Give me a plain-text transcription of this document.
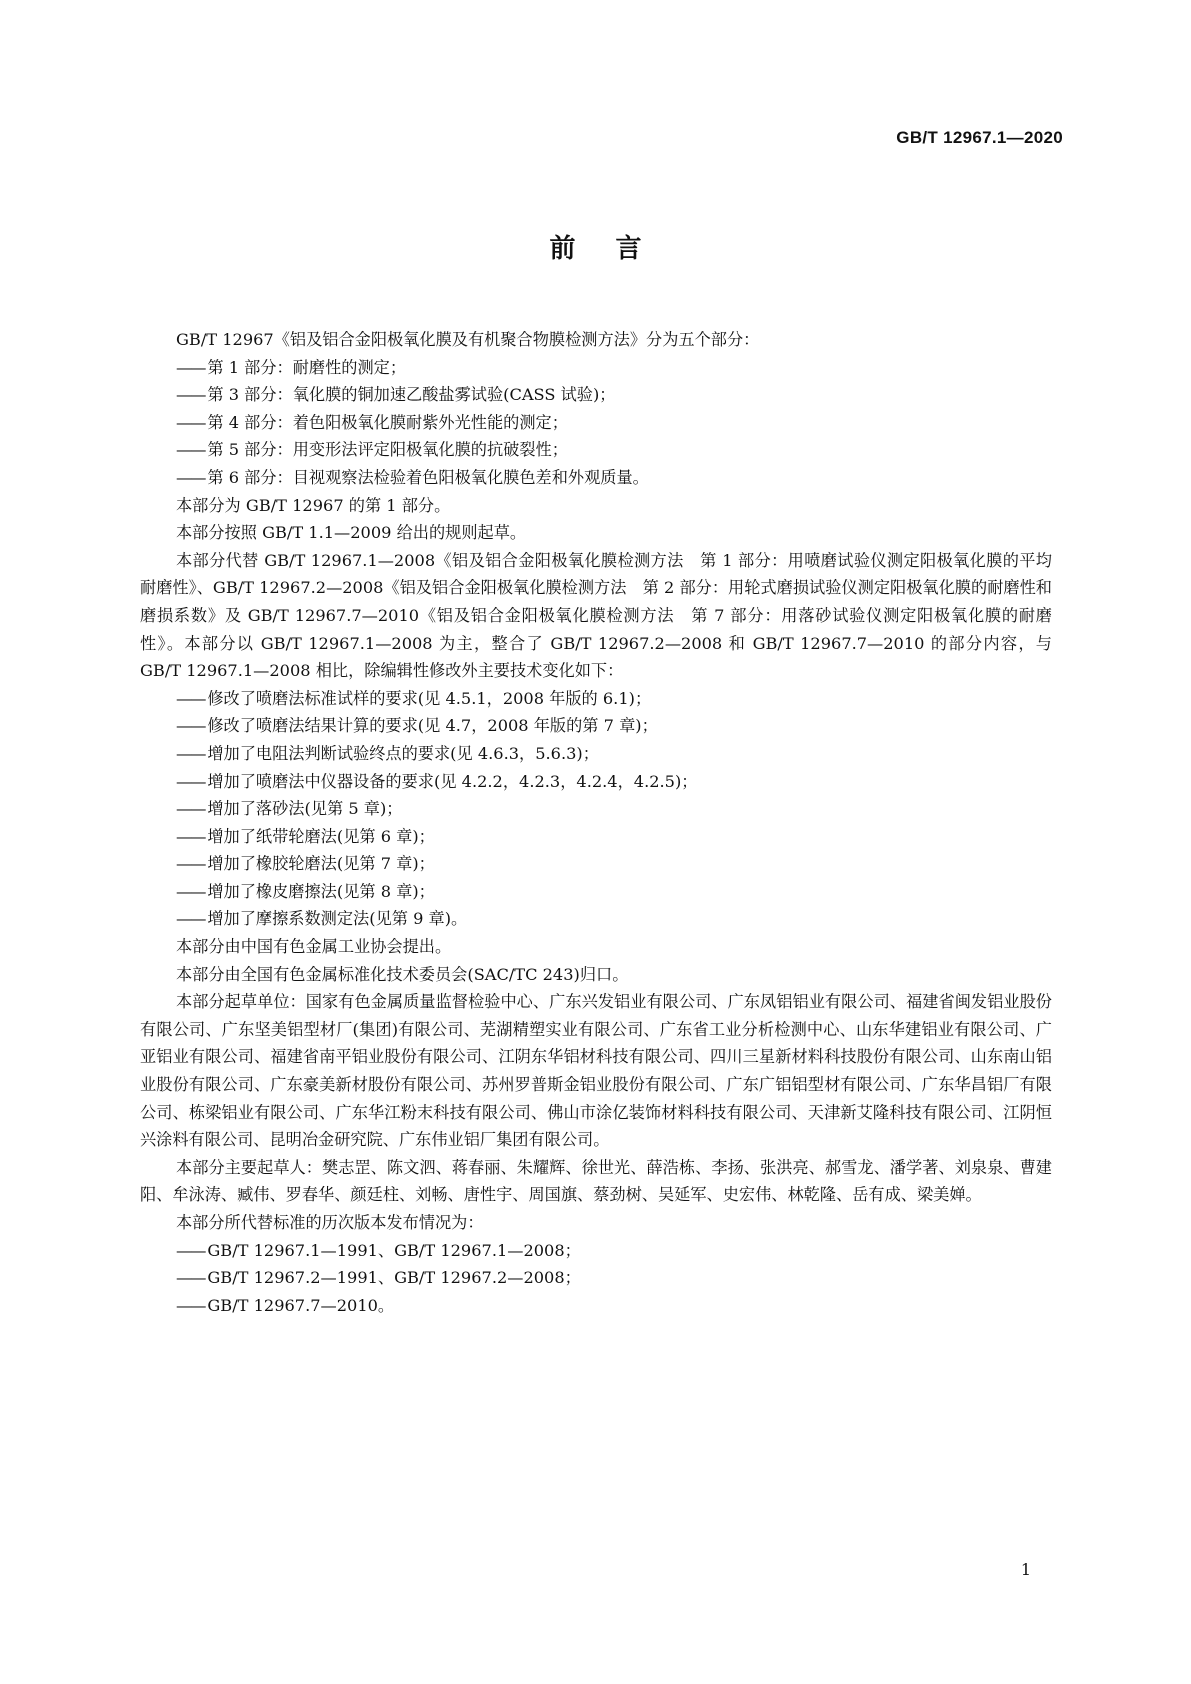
GB/T 12967.1—2020
前言

GB/T 12967《铝及铝合金阳极氧化膜及有机聚合物膜检测方法》分为五个部分：

—— 第 1 部分：耐磨性的测定；

—— 第 3 部分：氧化膜的铜加速乙酸盐雾试验(CASS 试验)；

—— 第 4 部分：着色阳极氧化膜耐紫外光性能的测定；

—— 第 5 部分：用变形法评定阳极氧化膜的抗破裂性；

—— 第 6 部分：目视观察法检验着色阳极氧化膜色差和外观质量。

本部分为 GB/T 12967 的第 1 部分。

本部分按照 GB/T 1.1—2009 给出的规则起草。

本部分代替 GB/T 12967.1—2008《铝及铝合金阳极氧化膜检测方法　第 1 部分：用喷磨试验仪测定阳极氧化膜的平均耐磨性》、GB/T 12967.2—2008《铝及铝合金阳极氧化膜检测方法　第 2 部分：用轮式磨损试验仪测定阳极氧化膜的耐磨性和磨损系数》及 GB/T 12967.7—2010《铝及铝合金阳极氧化膜检测方法　第 7 部分：用落砂试验仪测定阳极氧化膜的耐磨性》。本部分以 GB/T 12967.1—2008 为主，整合了 GB/T 12967.2—2008 和 GB/T 12967.7—2010 的部分内容，与 GB/T 12967.1—2008 相比，除编辑性修改外主要技术变化如下：

—— 修改了喷磨法标准试样的要求(见 4.5.1，2008 年版的 6.1)；

—— 修改了喷磨法结果计算的要求(见 4.7，2008 年版的第 7 章)；

—— 增加了电阻法判断试验终点的要求(见 4.6.3，5.6.3)；

—— 增加了喷磨法中仪器设备的要求(见 4.2.2，4.2.3，4.2.4，4.2.5)；

—— 增加了落砂法(见第 5 章)；

—— 增加了纸带轮磨法(见第 6 章)；

—— 增加了橡胶轮磨法(见第 7 章)；

—— 增加了橡皮磨擦法(见第 8 章)；

—— 增加了摩擦系数测定法(见第 9 章)。

本部分由中国有色金属工业协会提出。

本部分由全国有色金属标准化技术委员会(SAC/TC 243)归口。

本部分起草单位：国家有色金属质量监督检验中心、广东兴发铝业有限公司、广东凤铝铝业有限公司、福建省闽发铝业股份有限公司、广东坚美铝型材厂(集团)有限公司、芜湖精塑实业有限公司、广东省工业分析检测中心、山东华建铝业有限公司、广亚铝业有限公司、福建省南平铝业股份有限公司、江阴东华铝材科技有限公司、四川三星新材料科技股份有限公司、山东南山铝业股份有限公司、广东豪美新材股份有限公司、苏州罗普斯金铝业股份有限公司、广东广铝铝型材有限公司、广东华昌铝厂有限公司、栋梁铝业有限公司、广东华江粉末科技有限公司、佛山市涂亿装饰材料科技有限公司、天津新艾隆科技有限公司、江阴恒兴涂料有限公司、昆明冶金研究院、广东伟业铝厂集团有限公司。

本部分主要起草人：樊志罡、陈文泗、蒋春丽、朱耀辉、徐世光、薛浩栋、李扬、张洪亮、郝雪龙、潘学著、刘泉泉、曹建阳、牟泳涛、臧伟、罗春华、颜廷柱、刘畅、唐性宇、周国旗、蔡劲树、吴延军、史宏伟、林乾隆、岳有成、梁美婵。

本部分所代替标准的历次版本发布情况为：

—— GB/T 12967.1—1991、GB/T 12967.1—2008；

—— GB/T 12967.2—1991、GB/T 12967.2—2008；

—— GB/T 12967.7—2010。

1
